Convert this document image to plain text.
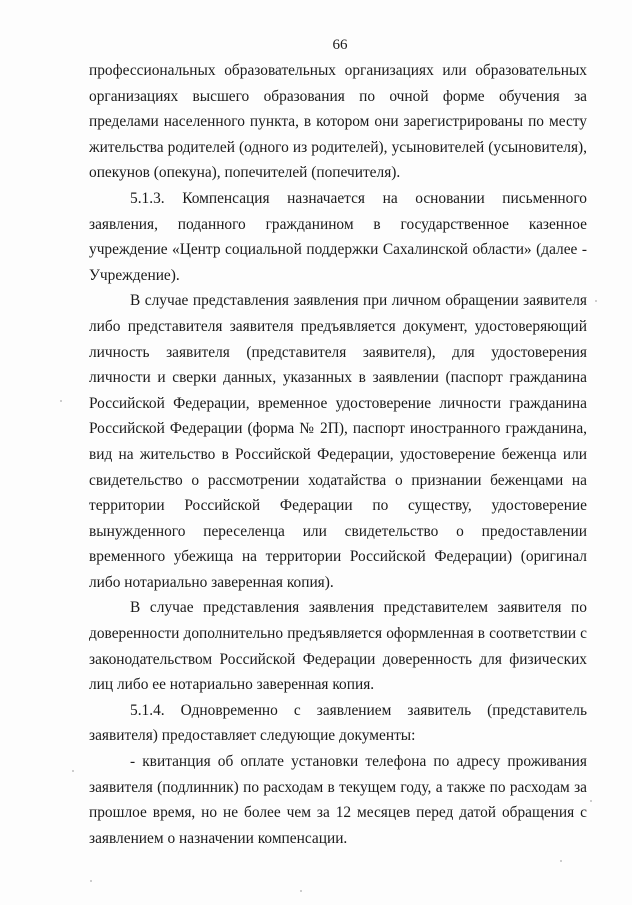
66

профессиональных образовательных организациях или образовательных организациях высшего образования по очной форме обучения за пределами населенного пункта, в котором они зарегистрированы по месту жительства родителей (одного из родителей), усыновителей (усыновителя), опекунов (опекуна), попечителей (попечителя).

5.1.3. Компенсация назначается на основании письменного заявления, поданного гражданином в государственное казенное учреждение «Центр социальной поддержки Сахалинской области» (далее - Учреждение).

В случае представления заявления при личном обращении заявителя либо представителя заявителя предъявляется документ, удостоверяющий личность заявителя (представителя заявителя), для удостоверения личности и сверки данных, указанных в заявлении (паспорт гражданина Российской Федерации, временное удостоверение личности гражданина Российской Федерации (форма № 2П), паспорт иностранного гражданина, вид на жительство в Российской Федерации, удостоверение беженца или свидетельство о рассмотрении ходатайства о признании беженцами на территории Российской Федерации по существу, удостоверение вынужденного переселенца или свидетельство о предоставлении временного убежища на территории Российской Федерации) (оригинал либо нотариально заверенная копия).

В случае представления заявления представителем заявителя по доверенности дополнительно предъявляется оформленная в соответствии с законодательством Российской Федерации доверенность для физических лиц либо ее нотариально заверенная копия.

5.1.4. Одновременно с заявлением заявитель (представитель заявителя) предоставляет следующие документы:

- квитанция об оплате установки телефона по адресу проживания заявителя (подлинник) по расходам в текущем году, а также по расходам за прошлое время, но не более чем за 12 месяцев перед датой обращения с заявлением о назначении компенсации.
